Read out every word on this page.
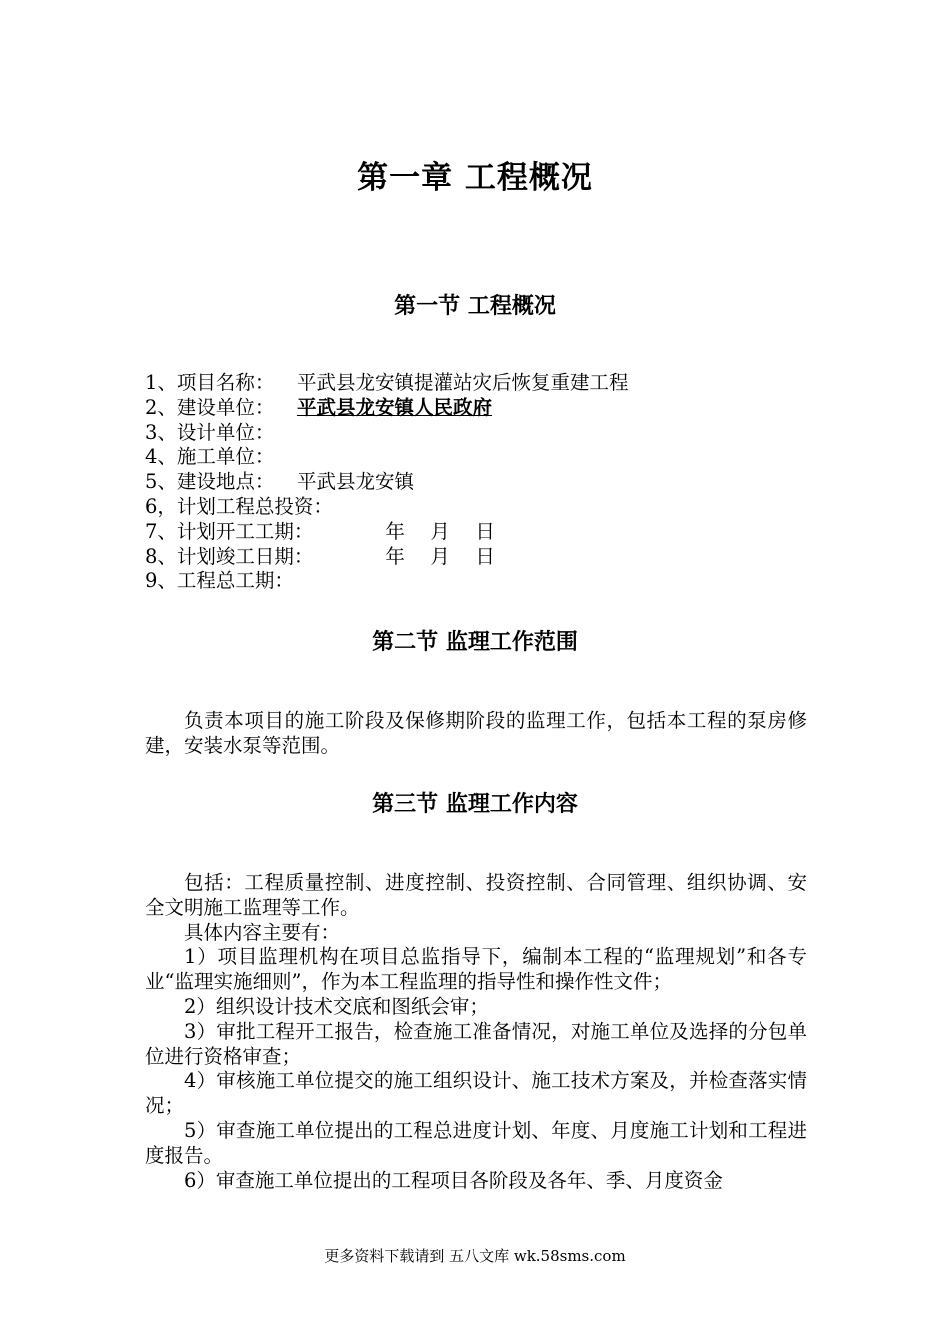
第一章 工程概况
第一节 工程概况
1、项目名称： 平武县龙安镇提灌站灾后恢复重建工程
2、建设单位： 平武县龙安镇人民政府
3、设计单位：
4、施工单位：
5、建设地点： 平武县龙安镇
6，计划工程总投资：
7、计划开工工期：	年 月 日
8、计划竣工日期：	年 月 日
9、工程总工期：
第二节 监理工作范围

负责本项目的施工阶段及保修期阶段的监理工作，包括本工程的泵房修建，安装水泵等范围。

第三节 监理工作内容

包括：工程质量控制、进度控制、投资控制、合同管理、组织协调、安全文明施工监理等工作。

具体内容主要有：

1）项目监理机构在项目总监指导下，编制本工程的“监理规划”和各专业“监理实施细则”，作为本工程监理的指导性和操作性文件；

2）组织设计技术交底和图纸会审；

3）审批工程开工报告，检查施工准备情况，对施工单位及选择的分包单位进行资格审查；

4）审核施工单位提交的施工组织设计、施工技术方案及，并检查落实情况；

5）审查施工单位提出的工程总进度计划、年度、月度施工计划和工程进度报告。

6）审查施工单位提出的工程项目各阶段及各年、季、月度资金

更多资料下载请到 五八文库 wk.58sms.com
